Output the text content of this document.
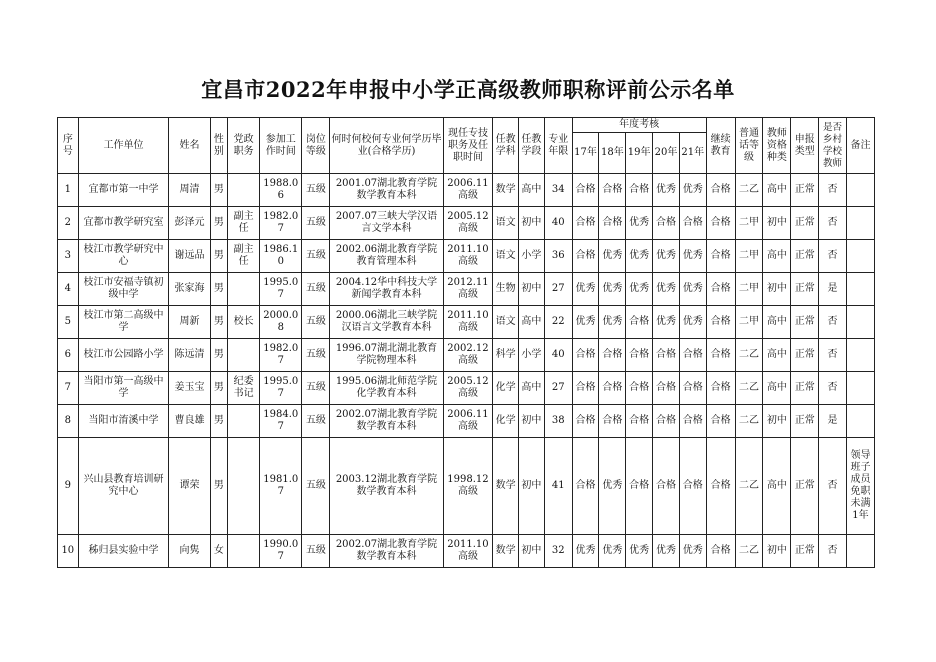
宜昌市2022年申报中小学正高级教师职称评前公示名单
序号	工作单位	姓名	性别	党政职务	参加工作时间	岗位等级	何时何校何专业何学历毕业(合格学历)	现任专技职务及任职时间	任教学科	任教学段	专业年限	年度考核					继续教育	普通话等级	教师资格种类	申报类型	是否乡村学校教师	备注
												17年	18年	19年	20年	21年						
1	宜都市第一中学	周清	男		1988.06	五级	2001.07湖北教育学院数学教育本科	2006.11高级	数学	高中	34	合格	合格	合格	优秀	优秀	合格	二乙	高中	正常	否	
2	宜都市教学研究室	彭泽元	男	副主任	1982.07	五级	2007.07三峡大学汉语言文学本科	2005.12高级	语文	初中	40	合格	合格	优秀	合格	合格	合格	二甲	初中	正常	否	
3	枝江市教学研究中心	谢远品	男	副主任	1986.10	五级	2002.06湖北教育学院教育管理本科	2011.10高级	语文	小学	36	合格	优秀	优秀	优秀	优秀	合格	二甲	高中	正常	否	
4	枝江市安福寺镇初级中学	张家海	男		1995.07	五级	2004.12华中科技大学新闻学教育本科	2012.11高级	生物	初中	27	优秀	优秀	优秀	优秀	优秀	合格	二甲	初中	正常	是	
5	枝江市第二高级中学	周新	男	校长	2000.08	五级	2000.06湖北三峡学院汉语言文学教育本科	2011.10高级	语文	高中	22	优秀	优秀	合格	优秀	优秀	合格	二甲	高中	正常	否	
6	枝江市公园路小学	陈远清	男		1982.07	五级	1996.07湖北湖北教育学院物理本科	2002.12高级	科学	小学	40	合格	合格	合格	合格	合格	合格	二乙	高中	正常	否	
7	当阳市第一高级中学	姜玉宝	男	纪委书记	1995.07	五级	1995.06湖北师范学院化学教育本科	2005.12高级	化学	高中	27	合格	合格	合格	合格	合格	合格	二乙	高中	正常	否	
8	当阳市淯溪中学	曹良雄	男		1984.07	五级	2002.07湖北教育学院数学教育本科	2006.11高级	化学	初中	38	合格	合格	合格	合格	合格	合格	二乙	初中	正常	是	
9	兴山县教育培训研究中心	谭荣	男		1981.07	五级	2003.12湖北教育学院数学教育本科	1998.12高级	数学	初中	41	合格	优秀	合格	合格	合格	合格	二乙	高中	正常	否	领导班子成员免职未满1年
10	秭归县实验中学	向隽	女		1990.07	五级	2002.07湖北教育学院数学教育本科	2011.10高级	数学	初中	32	优秀	优秀	优秀	优秀	优秀	合格	二乙	初中	正常	否	
